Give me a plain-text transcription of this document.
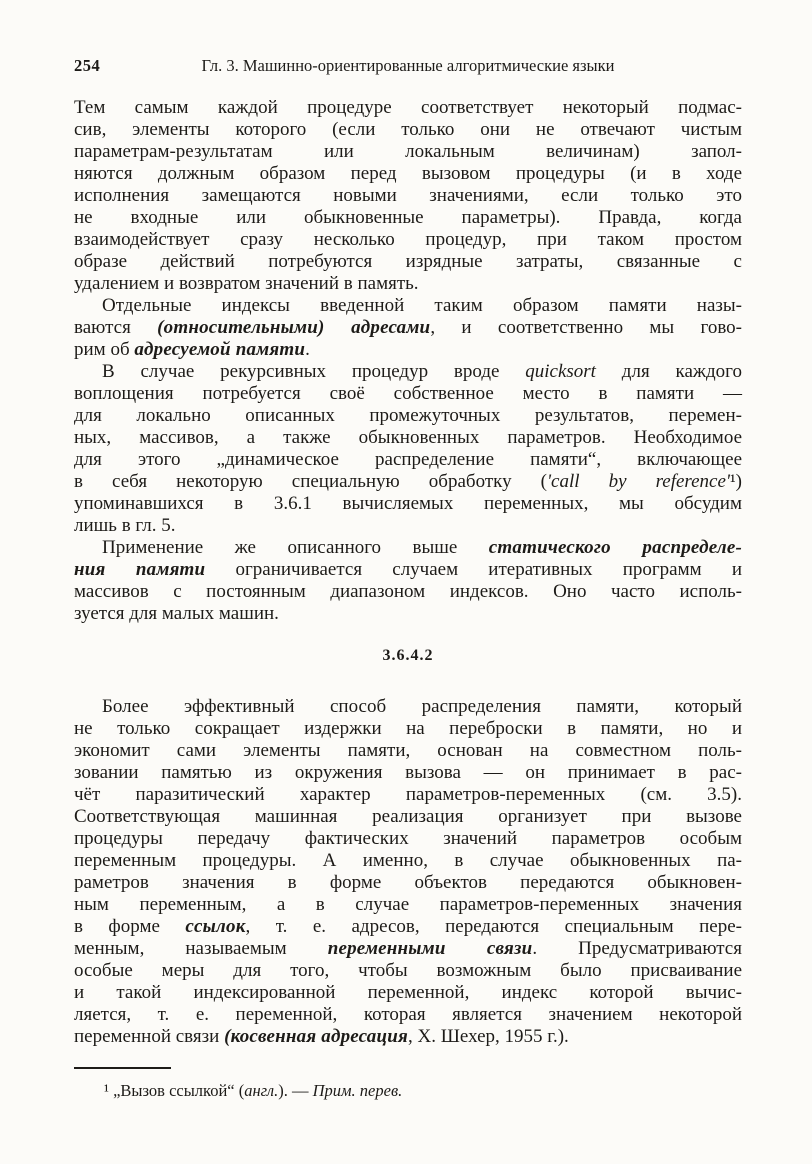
254	Гл. 3. Машинно-ориентированные алгоритмические языки
Тем самым каждой процедуре соответствует некоторый подмас-
сив, элементы которого (если только они не отвечают чистым
параметрам-результатам или локальным величинам) запол-
няются должным образом перед вызовом процедуры (и в ходе
исполнения замещаются новыми значениями, если только это
не входные или обыкновенные параметры). Правда, когда
взаимодействует сразу несколько процедур, при таком простом
образе действий потребуются изрядные затраты, связанные с
удалением и возвратом значений в память.
Отдельные индексы введенной таким образом памяти назы-
ваются (относительными) адресами, и соответственно мы гово-
рим об адресуемой памяти.
В случае рекурсивных процедур вроде quicksort для каждого
воплощения потребуется своё собственное место в памяти —
для локально описанных промежуточных результатов, перемен-
ных, массивов, а также обыкновенных параметров. Необходимое
для этого „динамическое распределение памяти“, включающее
в себя некоторую специальную обработку ('call by reference'¹)
упоминавшихся в 3.6.1 вычисляемых переменных, мы обсудим
лишь в гл. 5.
Применение же описанного выше статического распределе-
ния памяти ограничивается случаем итеративных программ и
массивов с постоянным диапазоном индексов. Оно часто исполь-
зуется для малых машин.
3.6.4.2
Более эффективный способ распределения памяти, который
не только сокращает издержки на переброски в памяти, но и
экономит сами элементы памяти, основан на совместном поль-
зовании памятью из окружения вызова — он принимает в рас-
чёт паразитический характер параметров-переменных (см. 3.5).
Соответствующая машинная реализация организует при вызове
процедуры передачу фактических значений параметров особым
переменным процедуры. А именно, в случае обыкновенных па-
раметров значения в форме объектов передаются обыкновен-
ным переменным, а в случае параметров-переменных значения
в форме ссылок, т. е. адресов, передаются специальным пере-
менным, называемым переменными связи. Предусматриваются
особые меры для того, чтобы возможным было присваивание
и такой индексированной переменной, индекс которой вычис-
ляется, т. е. переменной, которая является значением некоторой
переменной связи (косвенная адресация, Х. Шехер, 1955 г.).
¹ „Вызов ссылкой“ (англ.). — Прим. перев.
